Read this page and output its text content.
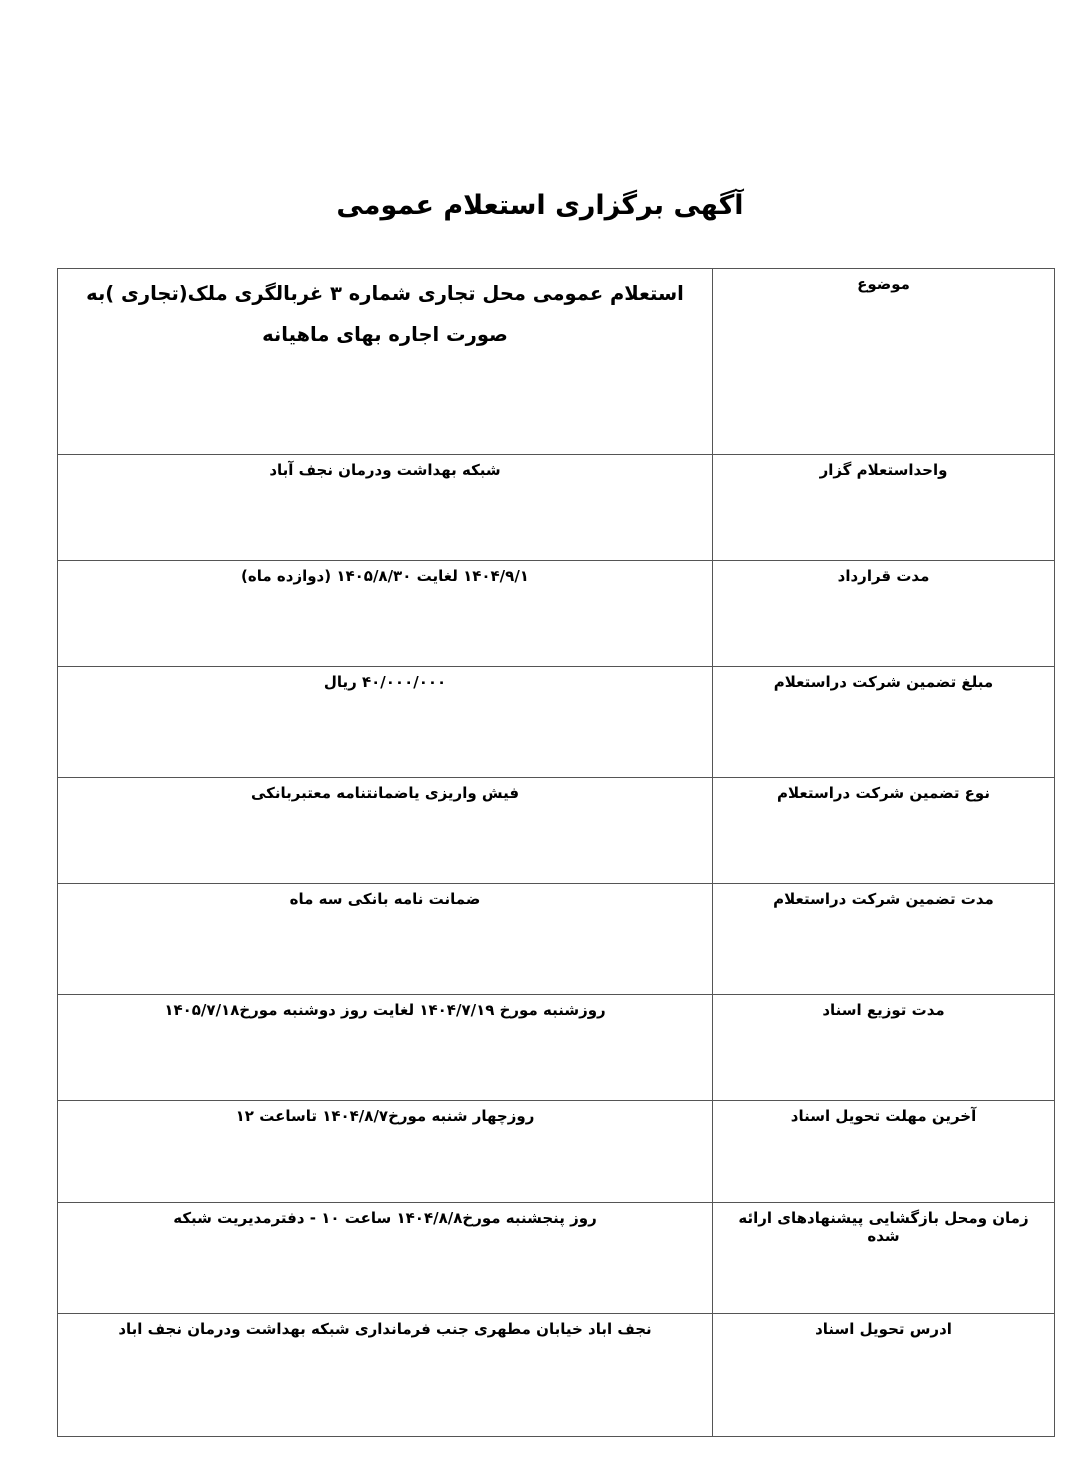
آگهی برگزاری استعلام عمومی
موضوع	استعلام عمومی محل تجاری شماره ۳ غربالگری ملک(تجاری )به صورت اجاره بهای ماهیانه

واحداستعلام گزار	شبکه بهداشت ودرمان نجف آباد

مدت قرارداد	۱۴۰۴/۹/۱ لغایت ۱۴۰۵/۸/۳۰ (دوازده ماه)

مبلغ تضمین شرکت دراستعلام	۴۰/۰۰۰/۰۰۰ ریال

نوع تضمین شرکت دراستعلام	فیش واریزی یاضمانتنامه معتبربانکی

مدت تضمین شرکت دراستعلام	ضمانت نامه بانکی سه ماه

مدت توزیع اسناد	روزشنبه مورخ ۱۴۰۴/۷/۱۹ لغایت روز دوشنبه مورخ۱۴۰۵/۷/۱۸

آخرین مهلت تحویل اسناد	روزچهار شنبه مورخ۱۴۰۴/۸/۷ تاساعت ۱۲

زمان ومحل بازگشایی پیشنهادهای ارائه شده	روز پنجشنبه مورخ۱۴۰۴/۸/۸ ساعت ۱۰ - دفترمدیریت شبکه

ادرس تحویل اسناد	نجف اباد خیابان مطهری جنب فرمانداری شبکه بهداشت ودرمان نجف اباد
